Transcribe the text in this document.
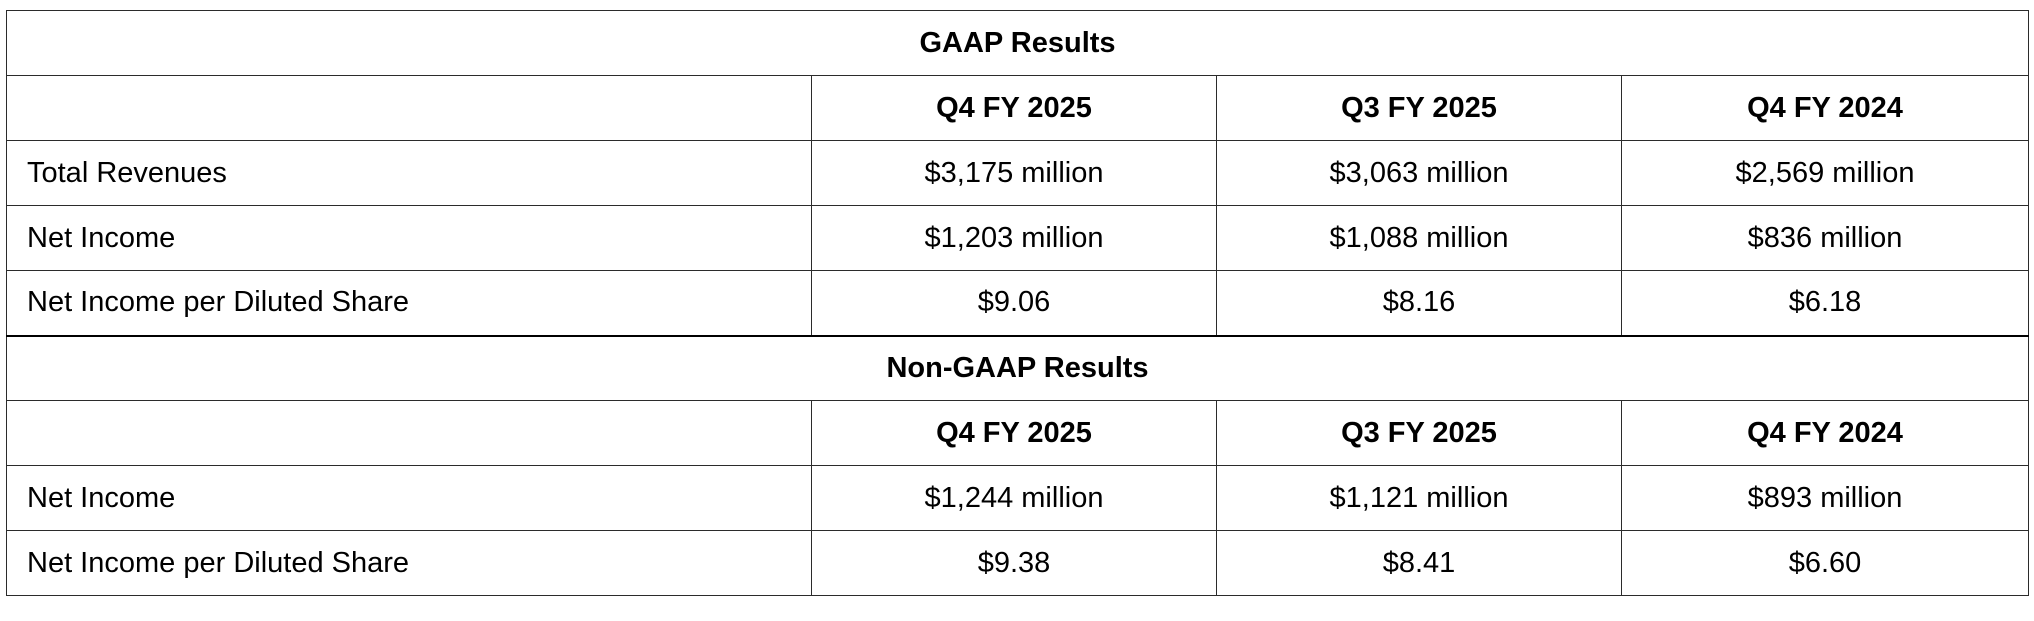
GAAP Results			
	Q4 FY 2025	Q3 FY 2025	Q4 FY 2024
Total Revenues	$3,175 million	$3,063 million	$2,569 million
Net Income	$1,203 million	$1,088 million	$836 million
Net Income per Diluted Share	$9.06	$8.16	$6.18
Non-GAAP Results			
	Q4 FY 2025	Q3 FY 2025	Q4 FY 2024
Net Income	$1,244 million	$1,121 million	$893 million
Net Income per Diluted Share	$9.38	$8.41	$6.60
